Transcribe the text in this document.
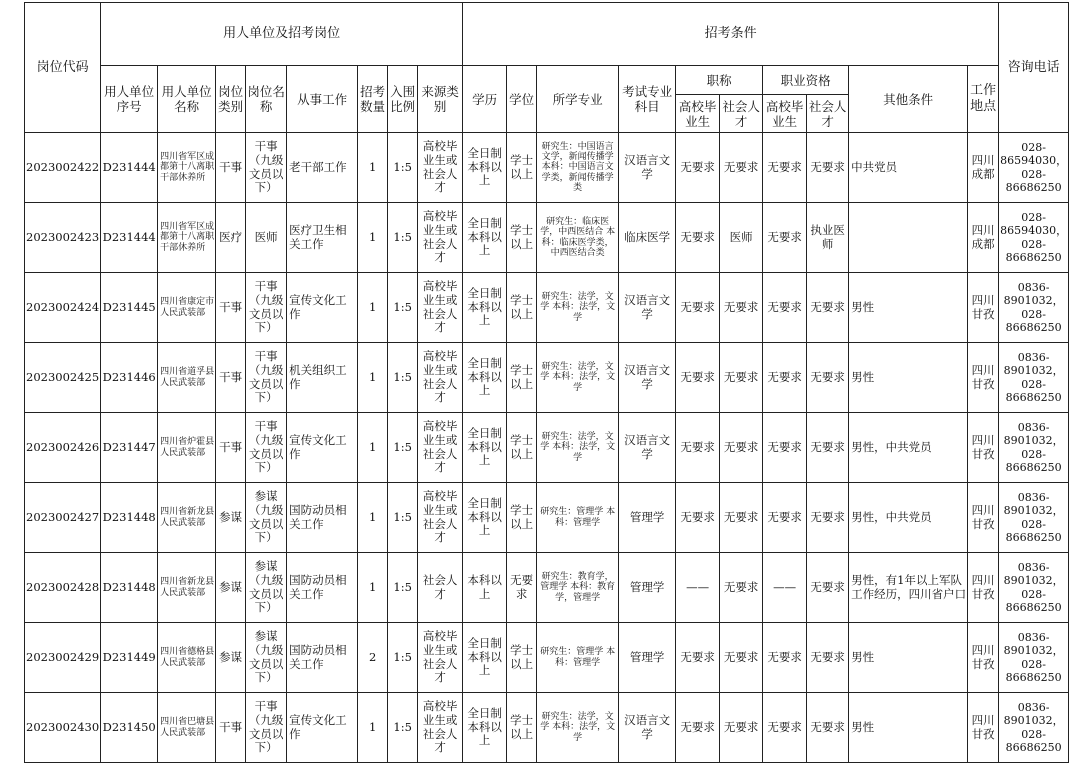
岗位代码	用人单位及招考岗位								招考条件										咨询电话
	用人单位序号	用人单位名称	岗位类别	岗位名称	从事工作	招考数量	入围比例	来源类别	学历	学位	所学专业	考试专业科目	职称		职业资格		其他条件	工作地点	
													高校毕业生	社会人才	高校毕业生	社会人才			
2023002422	D231444	四川省军区成都第十八离职干部休养所	干事	干事（九级文员以下）	老干部工作	1	1:5	高校毕业生或社会人才	全日制本科以上	学士以上	研究生：中国语言文学，新闻传播学 本科：中国语言文学类，新闻传播学类	汉语言文学	无要求	无要求	无要求	无要求	中共党员	四川成都	028-86594030，028-86686250
2023002423	D231444	四川省军区成都第十八离职干部休养所	医疗	医师	医疗卫生相关工作	1	1:5	高校毕业生或社会人才	全日制本科以上	学士以上	研究生：临床医学，中西医结合 本科：临床医学类，中西医结合类	临床医学	无要求	医师	无要求	执业医师		四川成都	028-86594030，028-86686250
2023002424	D231445	四川省康定市人民武装部	干事	干事（九级文员以下）	宣传文化工作	1	1:5	高校毕业生或社会人才	全日制本科以上	学士以上	研究生：法学，文学 本科：法学，文学	汉语言文学	无要求	无要求	无要求	无要求	男性	四川甘孜	0836-8901032，028-86686250
2023002425	D231446	四川省道孚县人民武装部	干事	干事（九级文员以下）	机关组织工作	1	1:5	高校毕业生或社会人才	全日制本科以上	学士以上	研究生：法学，文学 本科：法学，文学	汉语言文学	无要求	无要求	无要求	无要求	男性	四川甘孜	0836-8901032，028-86686250
2023002426	D231447	四川省炉霍县人民武装部	干事	干事（九级文员以下）	宣传文化工作	1	1:5	高校毕业生或社会人才	全日制本科以上	学士以上	研究生：法学，文学 本科：法学，文学	汉语言文学	无要求	无要求	无要求	无要求	男性，中共党员	四川甘孜	0836-8901032，028-86686250
2023002427	D231448	四川省新龙县人民武装部	参谋	参谋（九级文员以下）	国防动员相关工作	1	1:5	高校毕业生或社会人才	全日制本科以上	学士以上	研究生：管理学 本科：管理学	管理学	无要求	无要求	无要求	无要求	男性，中共党员	四川甘孜	0836-8901032，028-86686250
2023002428	D231448	四川省新龙县人民武装部	参谋	参谋（九级文员以下）	国防动员相关工作	1	1:5	社会人才	本科以上	无要求	研究生：教育学，管理学 本科：教育学，管理学	管理学	——	无要求	——	无要求	男性，有1年以上军队工作经历，四川省户口	四川甘孜	0836-8901032，028-86686250
2023002429	D231449	四川省德格县人民武装部	参谋	参谋（九级文员以下）	国防动员相关工作	2	1:5	高校毕业生或社会人才	全日制本科以上	学士以上	研究生：管理学 本科：管理学	管理学	无要求	无要求	无要求	无要求	男性	四川甘孜	0836-8901032，028-86686250
2023002430	D231450	四川省巴塘县人民武装部	干事	干事（九级文员以下）	宣传文化工作	1	1:5	高校毕业生或社会人才	全日制本科以上	学士以上	研究生：法学，文学 本科：法学，文学	汉语言文学	无要求	无要求	无要求	无要求	男性	四川甘孜	0836-8901032，028-86686250
